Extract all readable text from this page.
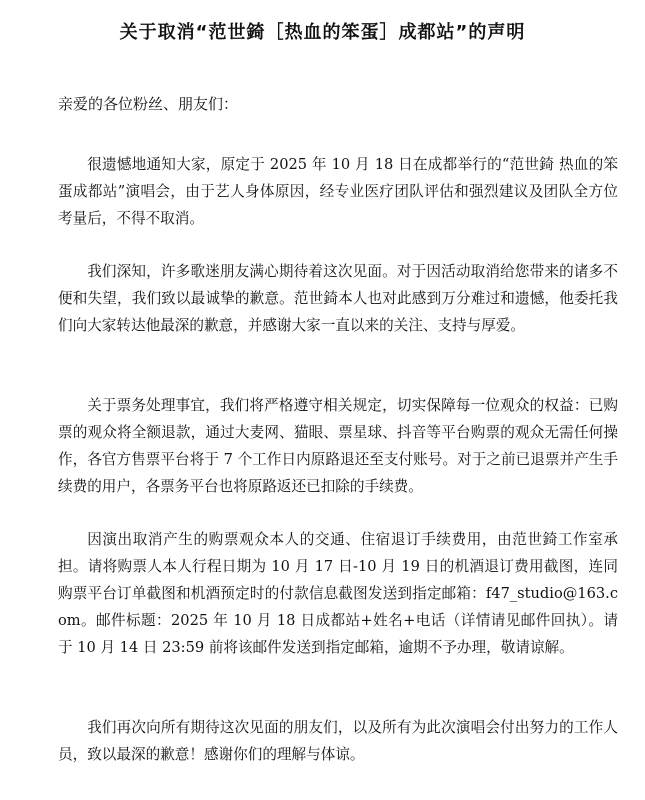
关于取消“范世錡［热血的笨蛋］成都站”的声明
亲爱的各位粉丝、朋友们：

很遗憾地通知大家，原定于 2025 年 10 月 18 日在成都举行的“范世錡 热血的笨蛋成都站”演唱会，由于艺人身体原因，经专业医疗团队评估和强烈建议及团队全方位考量后，不得不取消。

我们深知，许多歌迷朋友满心期待着这次见面。对于因活动取消给您带来的诸多不便和失望，我们致以最诚挚的歉意。范世錡本人也对此感到万分难过和遗憾，他委托我们向大家转达他最深的歉意，并感谢大家一直以来的关注、支持与厚爱。

关于票务处理事宜，我们将严格遵守相关规定，切实保障每一位观众的权益：已购票的观众将全额退款，通过大麦网、猫眼、票星球、抖音等平台购票的观众无需任何操作，各官方售票平台将于 7 个工作日内原路退还至支付账号。对于之前已退票并产生手续费的用户，各票务平台也将原路返还已扣除的手续费。

因演出取消产生的购票观众本人的交通、住宿退订手续费用，由范世錡工作室承担。请将购票人本人行程日期为 10 月 17 日-10 月 19 日的机酒退订费用截图，连同购票平台订单截图和机酒预定时的付款信息截图发送到指定邮箱：f47_studio@163.com。邮件标题：2025 年 10 月 18 日成都站+姓名+电话（详情请见邮件回执）。请于 10 月 14 日 23:59 前将该邮件发送到指定邮箱，逾期不予办理，敬请谅解。

我们再次向所有期待这次见面的朋友们，以及所有为此次演唱会付出努力的工作人员，致以最深的歉意！感谢你们的理解与体谅。
